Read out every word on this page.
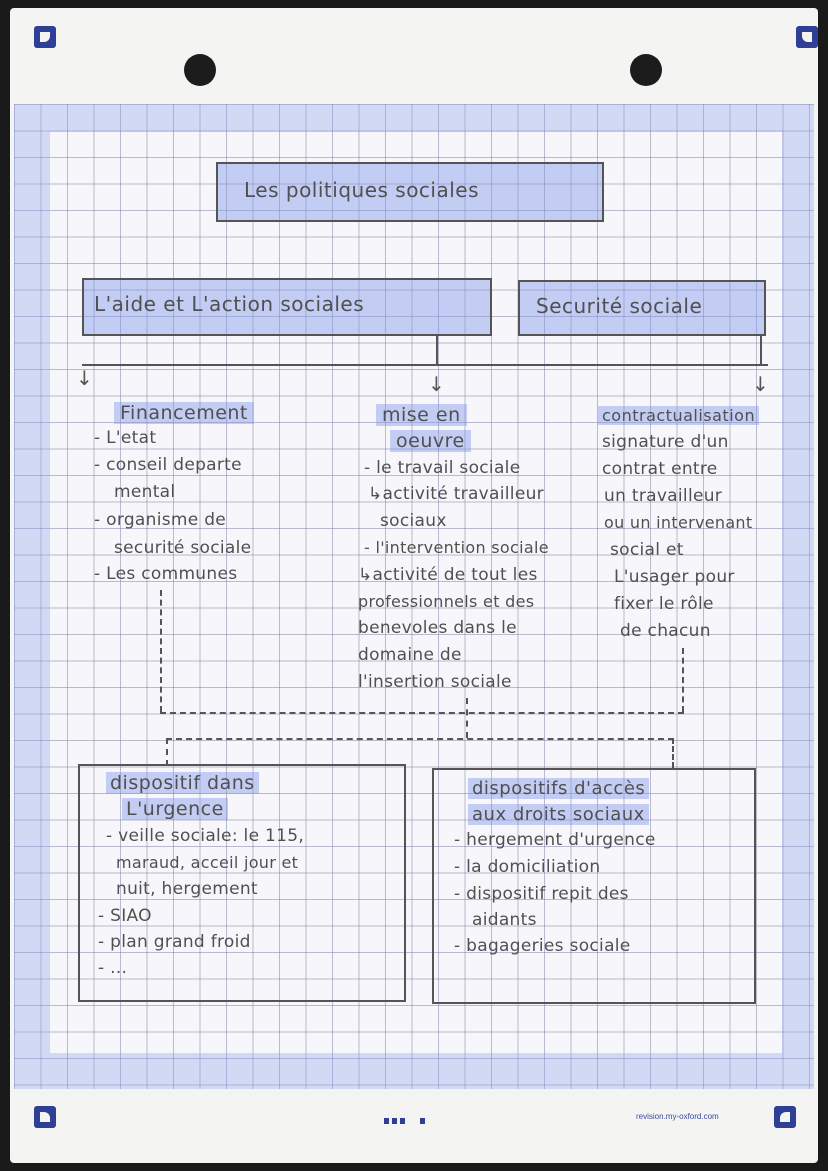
Les politiques sociales
L'aide et L'action sociales	Securité sociale
↓	↓	↓
Financement
- L'etat
- conseil departe
mental
- organisme de
securité sociale
- Les communes
mise en
oeuvre
- le travail sociale
↳activité travailleur
sociaux
- l'intervention sociale
↳activité de tout les
professionnels et des
benevoles dans le
domaine de
l'insertion sociale
contractualisation
signature d'un
contrat entre
un travailleur
ou un intervenant
social et
L'usager pour
fixer le rôle
de chacun
dispositif dans
L'urgence
- veille sociale: le 115,
maraud, acceil jour et
nuit, hergement
- SIAO
- plan grand froid
- ...
dispositifs d'accès
aux droits sociaux
- hergement d'urgence
- la domiciliation
- dispositif repit des
aidants
- bagageries sociale
revision.my-oxford.com
